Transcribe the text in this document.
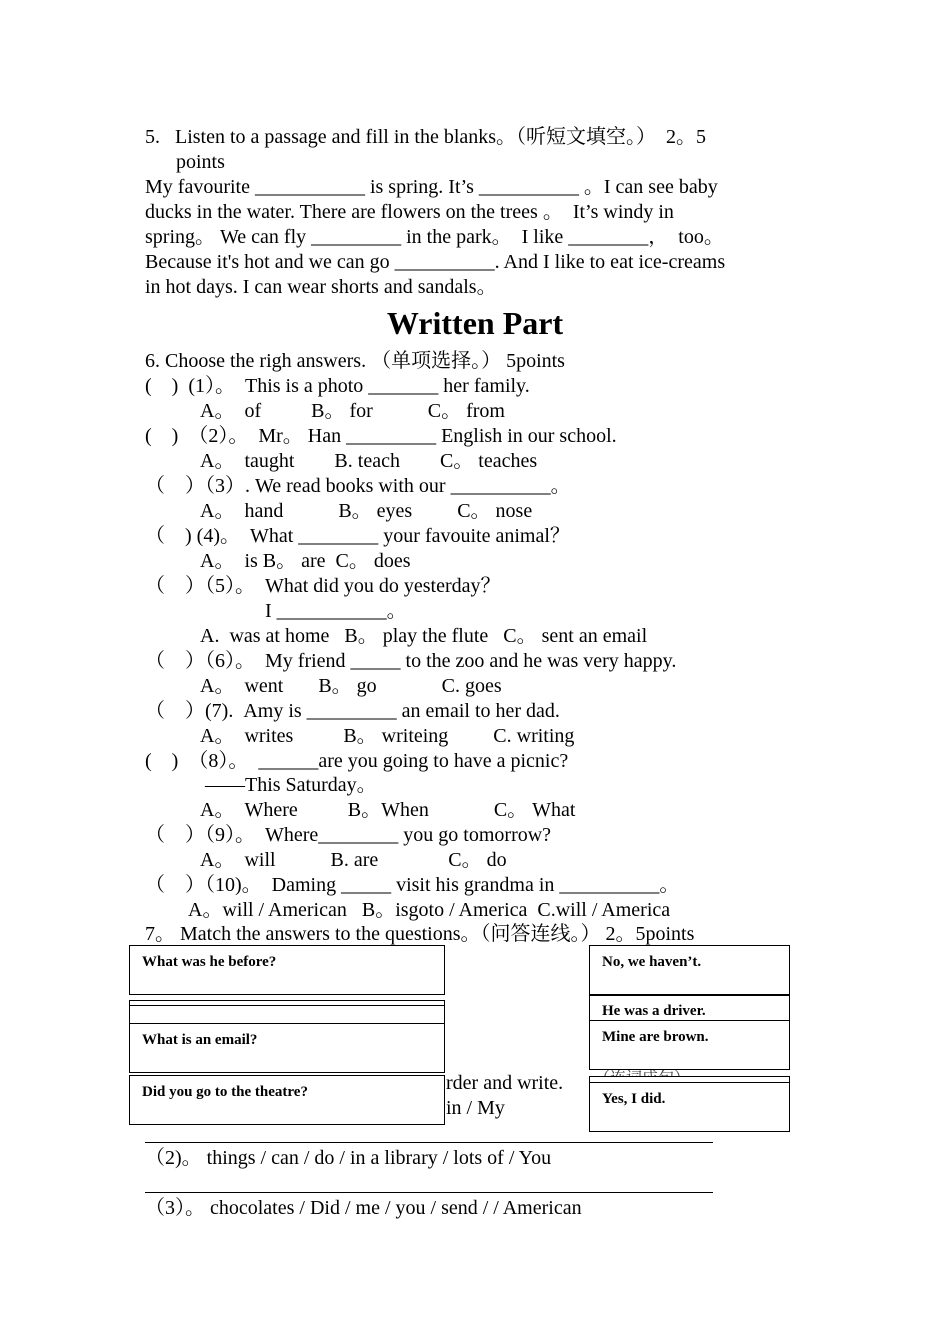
5.   Listen to a passage and fill in the blanks。（听短文填空。）  2。5
points
My favourite ___________ is spring. It’s __________ 。I can see baby
ducks in the water. There are flowers on the trees 。  It’s windy in
spring。 We can fly _________ in the park。  I like ________，  too。
Because it's hot and we can go __________. And I like to eat ice-creams
in hot days. I can wear shorts and sandals。
Written Part
6. Choose the righ answers. （单项选择。） 5points
(    )  (1）。  This is a photo _______ her family.
A。  of          B。 for           C。 from
(    )  （2）。  Mr。 Han _________ English in our school.
A。  taught        B. teach        C。 teaches
（    ）（3）. We read books with our __________。
A。  hand           B。 eyes         C。 nose
（    ) (4)。  What ________ your favouite animal？
A。  is B。 are  C。 does
（    ）（5）。  What did you do yesterday？
I ___________。
A.  was at home   B。 play the flute   C。 sent an email
（    ）（6）。  My friend _____ to the zoo and he was very happy.
A。  went       B。 go             C. goes
（    ）(7).  Amy is _________ an email to her dad.
A。  writes          B。 writeing         C. writing
(    )  （8）。  ______are you going to have a picnic?
——This Saturday。
A。  Where          B。When             C。 What
（    ）（9）。  Where________ you go tomorrow?
A。  will           B. are              C。 do
（    ）（10)。  Daming _____ visit his grandma in __________。
A。will / American   B。isgoto / America  C.will / America
7。 Match the answers to the questions。（问答连线。） 2。5points
rder and write.
in / My
（2)。 things / can / do / in a library / lots of / You
（3）。 chocolates / Did / me / you / send / / American
What was he before?
What is an email?
Did you go to the theatre?
No, we haven’t.
He was a driver.
Mine are brown.
Yes, I did.
